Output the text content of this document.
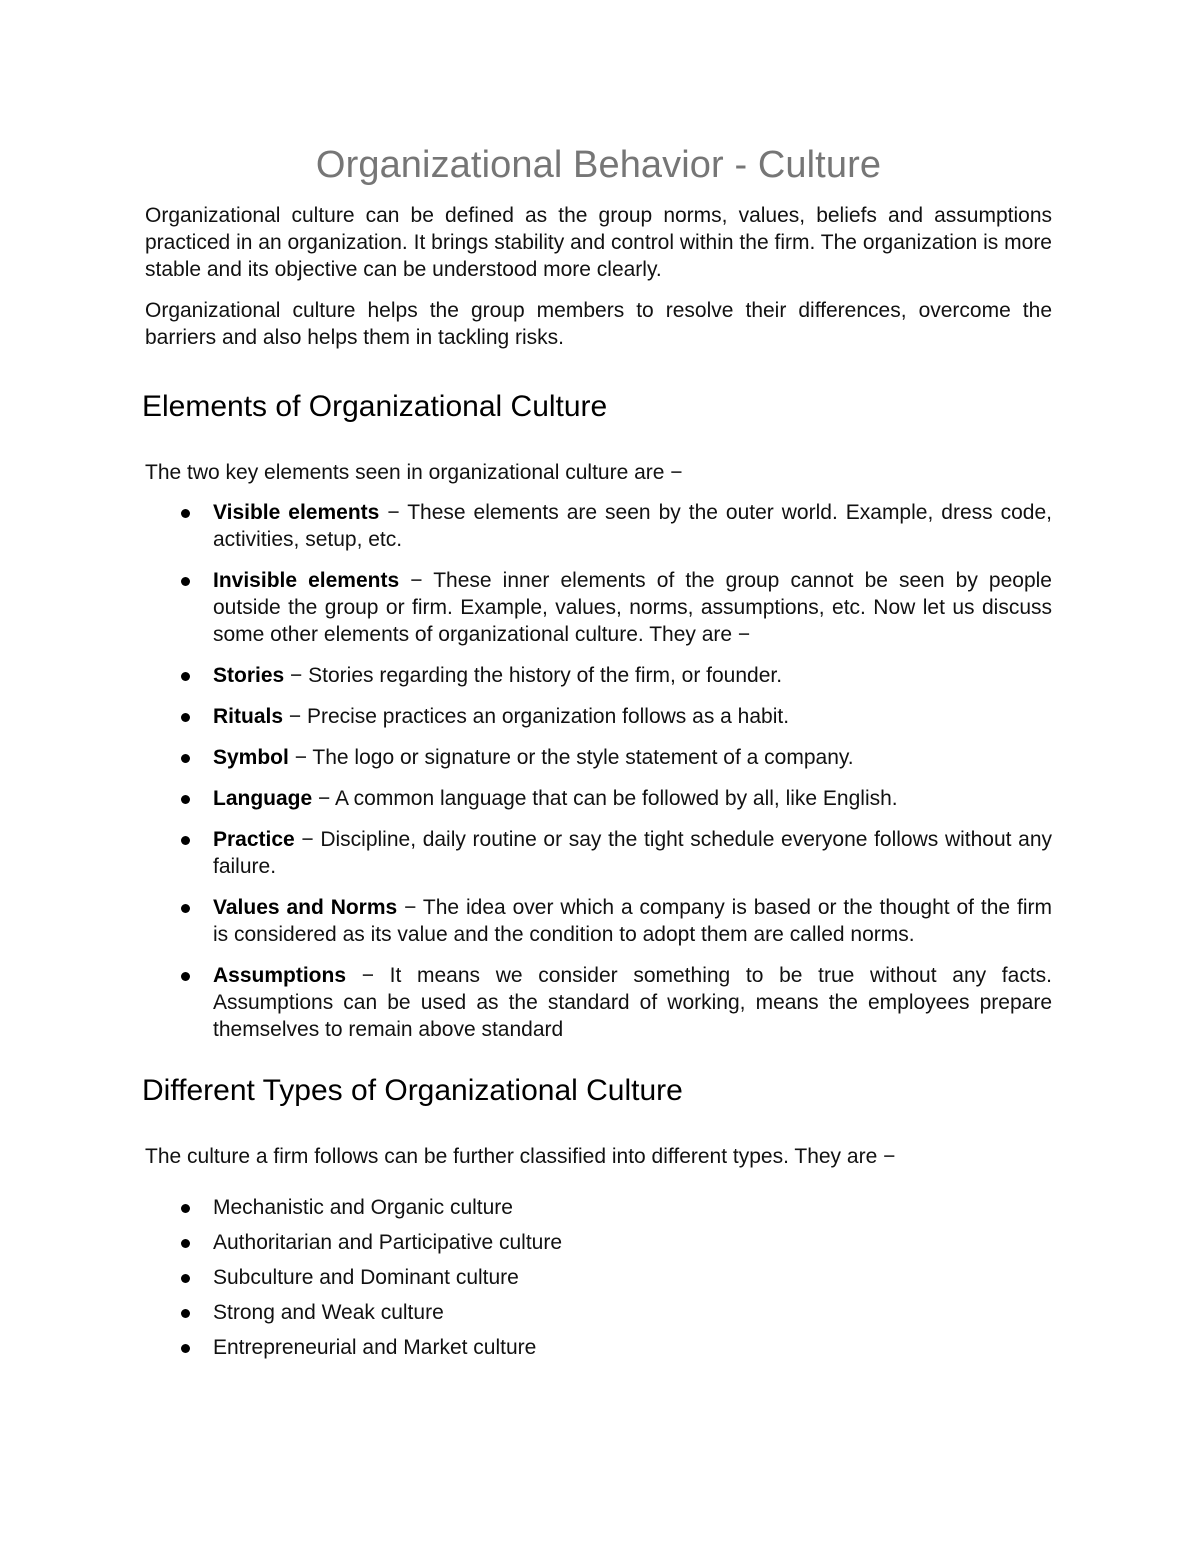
Organizational Behavior - Culture

Organizational culture can be defined as the group norms, values, beliefs and assumptions practiced in an organization. It brings stability and control within the firm. The organization is more stable and its objective can be understood more clearly.

Organizational culture helps the group members to resolve their differences, overcome the barriers and also helps them in tackling risks.

Elements of Organizational Culture

The two key elements seen in organizational culture are −

Visible elements − These elements are seen by the outer world. Example, dress code, activities, setup, etc.
Invisible elements − These inner elements of the group cannot be seen by people outside the group or firm. Example, values, norms, assumptions, etc. Now let us discuss some other elements of organizational culture. They are −
Stories − Stories regarding the history of the firm, or founder.
Rituals − Precise practices an organization follows as a habit.
Symbol − The logo or signature or the style statement of a company.
Language − A common language that can be followed by all, like English.
Practice − Discipline, daily routine or say the tight schedule everyone follows without any failure.
Values and Norms − The idea over which a company is based or the thought of the firm is considered as its value and the condition to adopt them are called norms.
Assumptions − It means we consider something to be true without any facts. Assumptions can be used as the standard of working, means the employees prepare themselves to remain above standard
Different Types of Organizational Culture

The culture a firm follows can be further classified into different types. They are −

Mechanistic and Organic culture
Authoritarian and Participative culture
Subculture and Dominant culture
Strong and Weak culture
Entrepreneurial and Market culture
